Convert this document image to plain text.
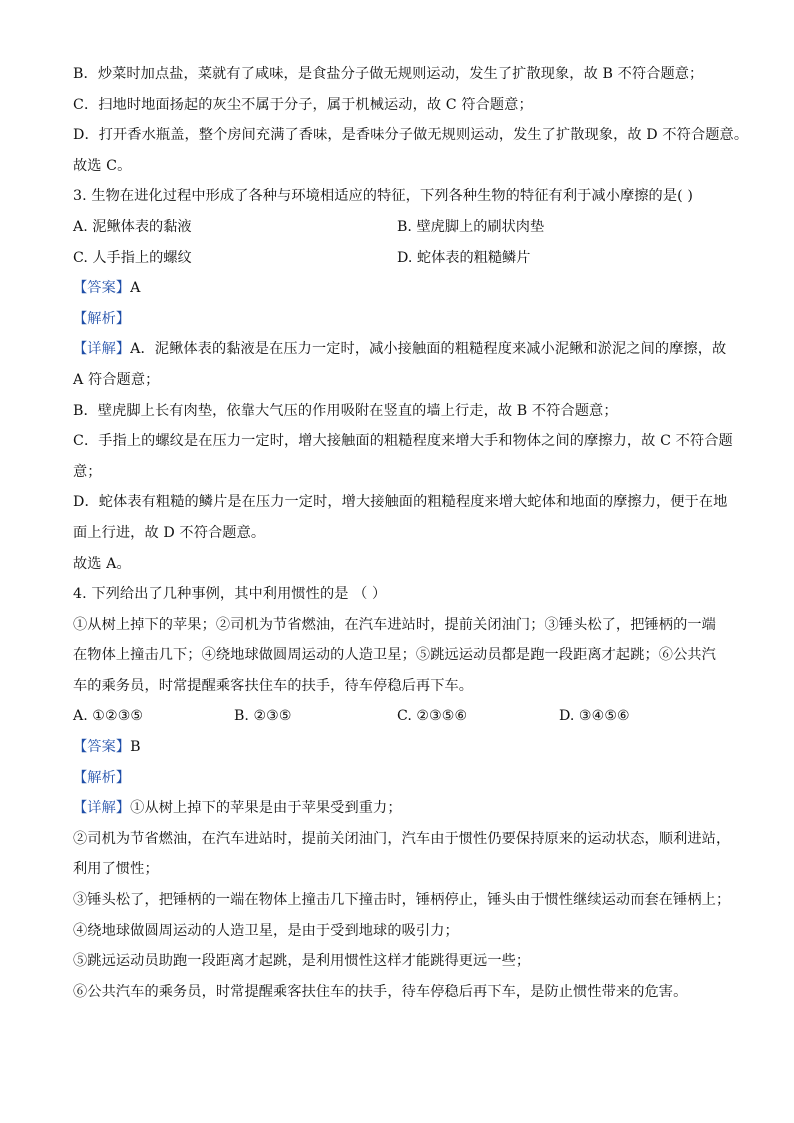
B．炒菜时加点盐，菜就有了咸味，是食盐分子做无规则运动，发生了扩散现象，故 B 不符合题意；
C．扫地时地面扬起的灰尘不属于分子，属于机械运动，故 C 符合题意；
D．打开香水瓶盖，整个房间充满了香味，是香味分子做无规则运动，发生了扩散现象，故 D 不符合题意。
故选 C。
3. 生物在进化过程中形成了各种与环境相适应的特征，下列各种生物的特征有利于减小摩擦的是( )
A. 泥鳅体表的黏液	B. 壁虎脚上的刷状肉垫
C. 人手指上的螺纹	D. 蛇体表的粗糙鳞片
【答案】A
【解析】
【详解】A．泥鳅体表的黏液是在压力一定时，减小接触面的粗糙程度来减小泥鳅和淤泥之间的摩擦，故
A 符合题意；
B．壁虎脚上长有肉垫，依靠大气压的作用吸附在竖直的墙上行走，故 B 不符合题意；
C．手指上的螺纹是在压力一定时，增大接触面的粗糙程度来增大手和物体之间的摩擦力，故 C 不符合题
意；
D．蛇体表有粗糙的鳞片是在压力一定时，增大接触面的粗糙程度来增大蛇体和地面的摩擦力，便于在地
面上行进，故 D 不符合题意。
故选 A。
4. 下列给出了几种事例，其中利用惯性的是 （ ）
①从树上掉下的苹果；②司机为节省燃油，在汽车进站时，提前关闭油门；③锤头松了，把锤柄的一端
在物体上撞击几下；④绕地球做圆周运动的人造卫星；⑤跳远运动员都是跑一段距离才起跳；⑥公共汽
车的乘务员，时常提醒乘客扶住车的扶手，待车停稳后再下车。
A. ①②③⑤	B. ②③⑤	C. ②③⑤⑥	D. ③④⑤⑥
【答案】B
【解析】
【详解】①从树上掉下的苹果是由于苹果受到重力；
②司机为节省燃油，在汽车进站时，提前关闭油门，汽车由于惯性仍要保持原来的运动状态，顺利进站，
利用了惯性；
③锤头松了，把锤柄的一端在物体上撞击几下撞击时，锤柄停止，锤头由于惯性继续运动而套在锤柄上；
④绕地球做圆周运动的人造卫星，是由于受到地球的吸引力；
⑤跳远运动员助跑一段距离才起跳，是利用惯性这样才能跳得更远一些；
⑥公共汽车的乘务员，时常提醒乘客扶住车的扶手，待车停稳后再下车，是防止惯性带来的危害。
